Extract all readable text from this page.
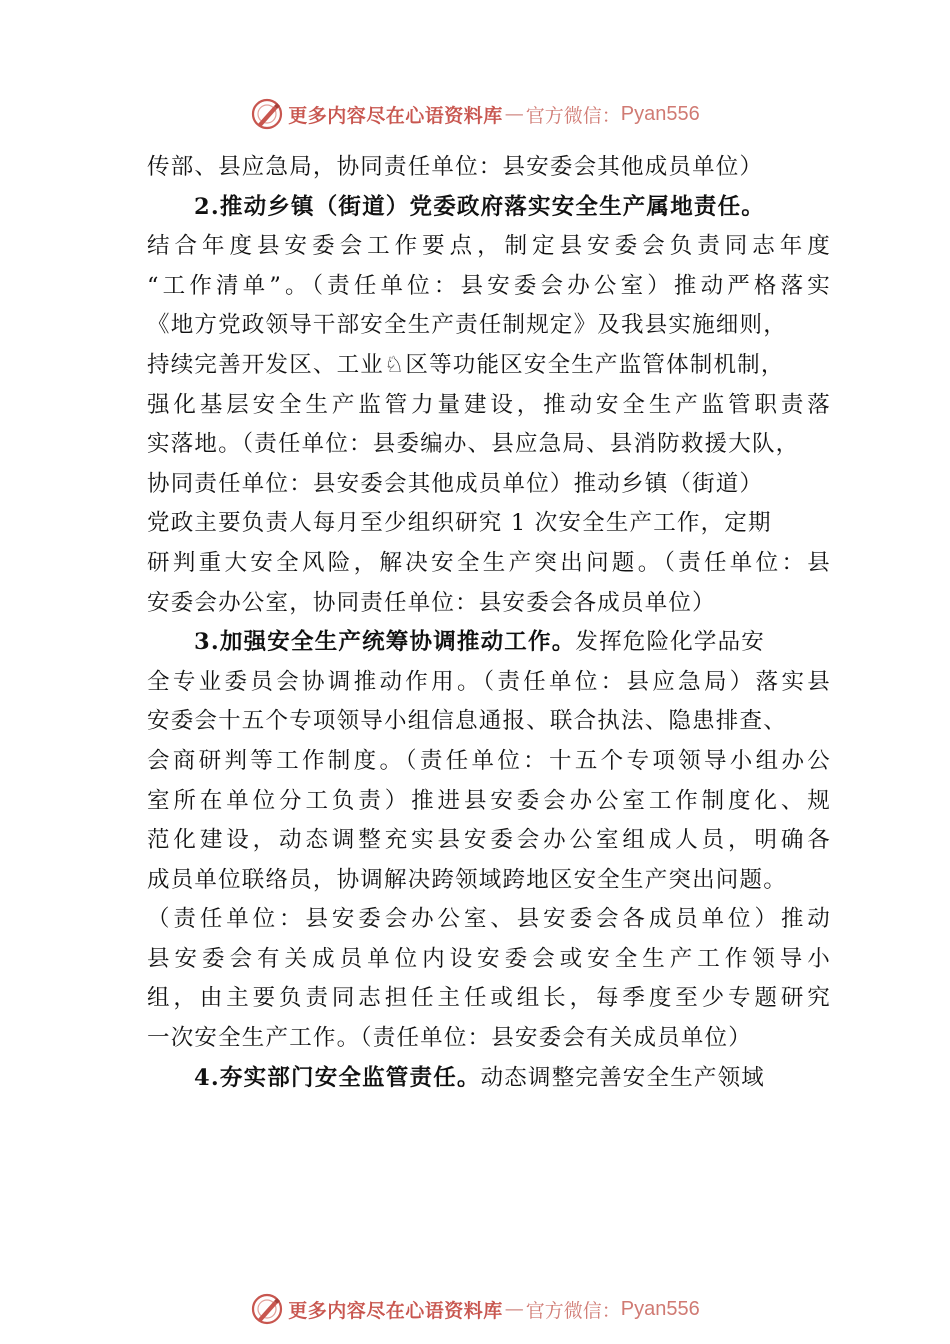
更多内容尽在心语资料库 — 官方微信： Pyan556
传部、县应急局，协同责任单位：县安委会其他成员单位）
2.推动乡镇（街道）党委政府落实安全生产属地责任。
结合年度县安委会工作要点，制定县安委会负责同志年度
“工作清单”。（责任单位：县安委会办公室）推动严格落实
《地方党政领导干部安全生产责任制规定》及我县实施细则，
持续完善开发区、工业♘区等功能区安全生产监管体制机制，
强化基层安全生产监管力量建设，推动安全生产监管职责落
实落地。（责任单位：县委编办、县应急局、县消防救援大队，
协同责任单位：县安委会其他成员单位）推动乡镇（街道）
党政主要负责人每月至少组织研究 1 次安全生产工作，定期
研判重大安全风险，解决安全生产突出问题。（责任单位：县
安委会办公室，协同责任单位：县安委会各成员单位）
3.加强安全生产统筹协调推动工作。发挥危险化学品安
全专业委员会协调推动作用。（责任单位：县应急局）落实县
安委会十五个专项领导小组信息通报、联合执法、隐患排查、
会商研判等工作制度。（责任单位：十五个专项领导小组办公
室所在单位分工负责）推进县安委会办公室工作制度化、规
范化建设，动态调整充实县安委会办公室组成人员，明确各
成员单位联络员，协调解决跨领域跨地区安全生产突出问题。
（责任单位：县安委会办公室、县安委会各成员单位）推动
县安委会有关成员单位内设安委会或安全生产工作领导小
组，由主要负责同志担任主任或组长，每季度至少专题研究
一次安全生产工作。（责任单位：县安委会有关成员单位）
4.夯实部门安全监管责任。动态调整完善安全生产领域
更多内容尽在心语资料库 — 官方微信： Pyan556
